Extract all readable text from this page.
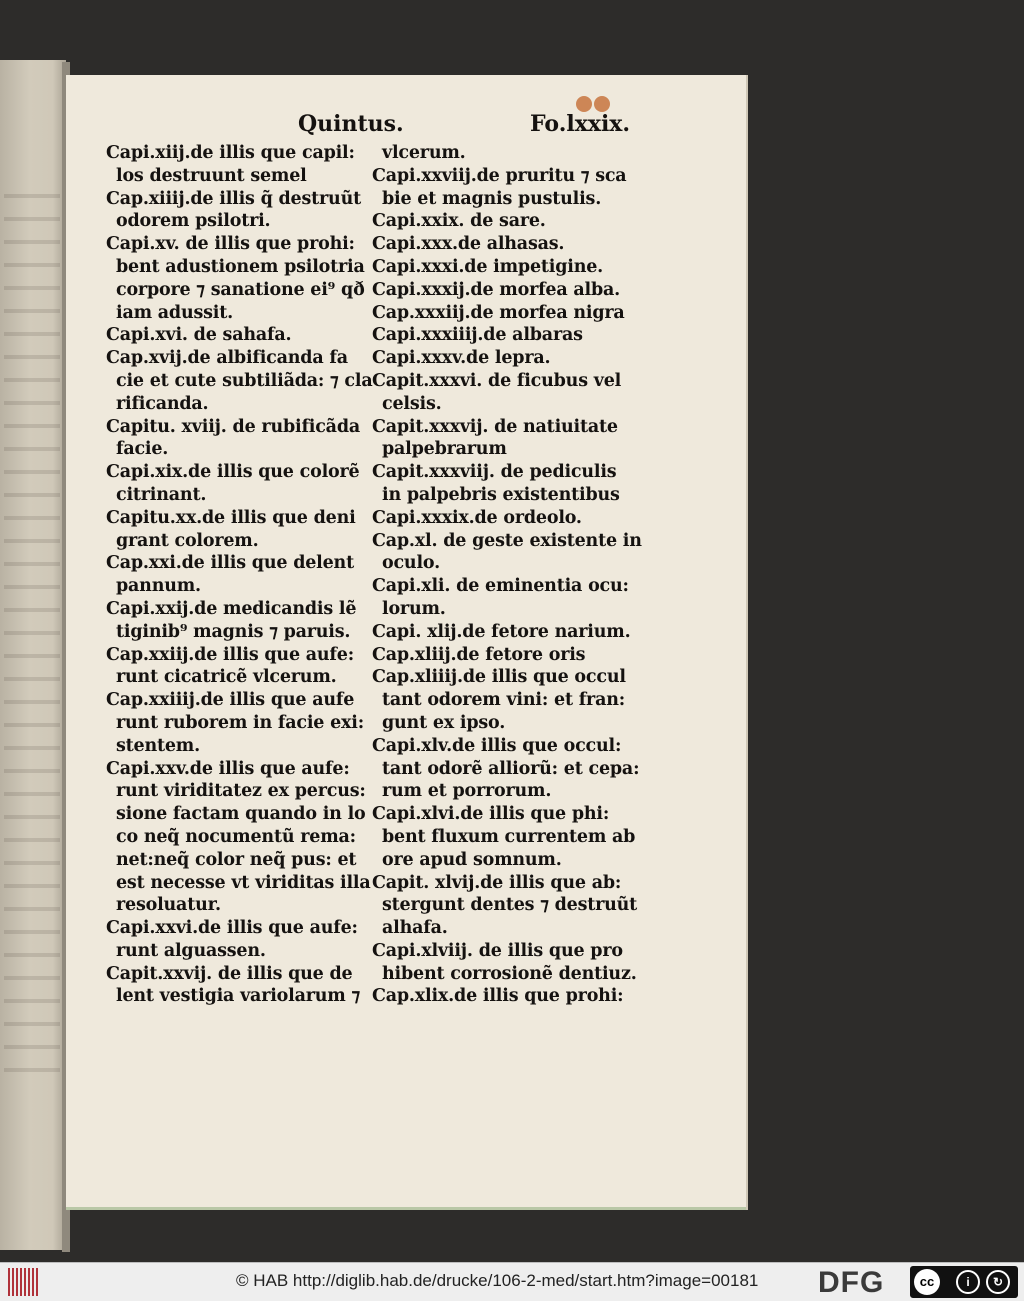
Quintus.	Fo.lxxix.
Capi.xiij.de illis que capil:
los destruunt semel
Cap.xiiij.de illis q̃ destruũt
odorem psilotri.
Capi.xv. de illis que prohi:
bent adustionem psilotria
corpore ⁊ sanatione ei⁹ qð
iam adussit.
Capi.xvi. de sahafa.
Cap.xvij.de albificanda fa
cie et cute subtiliãda: ⁊ cla
rificanda.
Capitu. xviij. de rubificãda
facie.
Capi.xix.de illis que colorẽ
citrinant.
Capitu.xx.de illis que deni
grant colorem.
Cap.xxi.de illis que delent
pannum.
Capi.xxij.de medicandis lẽ
tiginib⁹ magnis ⁊ paruis.
Cap.xxiij.de illis que aufe:
runt cicatricẽ vlcerum.
Cap.xxiiij.de illis que aufe
runt ruborem in facie exi:
stentem.
Capi.xxv.de illis que aufe:
runt viriditatez ex percus:
sione factam quando in lo
co neq̃ nocumentũ rema:
net:neq̃ color neq̃ pus: et
est necesse vt viriditas illa
resoluatur.
Capi.xxvi.de illis que aufe:
runt alguassen.
Capit.xxvij. de illis que de
lent vestigia variolarum ⁊
vlcerum.
Capi.xxviij.de pruritu ⁊ sca
bie et magnis pustulis.
Capi.xxix. de sare.
Capi.xxx.de alhasas.
Capi.xxxi.de impetigine.
Capi.xxxij.de morfea alba.
Cap.xxxiij.de morfea nigra
Capi.xxxiiij.de albaras
Capi.xxxv.de lepra.
Capit.xxxvi. de ficubus vel
celsis.
Capit.xxxvij. de natiuitate
palpebrarum
Capit.xxxviij. de pediculis
in palpebris existentibus
Capi.xxxix.de ordeolo.
Cap.xl. de geste existente in
oculo.
Capi.xli. de eminentia ocu:
lorum.
Capi. xlij.de fetore narium.
Cap.xliij.de fetore oris
Cap.xliiij.de illis que occul
tant odorem vini: et fran:
gunt ex ipso.
Capi.xlv.de illis que occul:
tant odorẽ alliorũ: et cepa:
rum et porrorum.
Capi.xlvi.de illis que phi:
bent fluxum currentem ab
ore apud somnum.
Capit. xlvij.de illis que ab:
stergunt dentes ⁊ destruũt
alhafa.
Capi.xlviij. de illis que pro
hibent corrosionẽ dentiuz.
Cap.xlix.de illis que prohi:
© HAB http://diglib.hab.de/drucke/106-2-med/start.htm?image=00181 DFG	cc	i	↻
